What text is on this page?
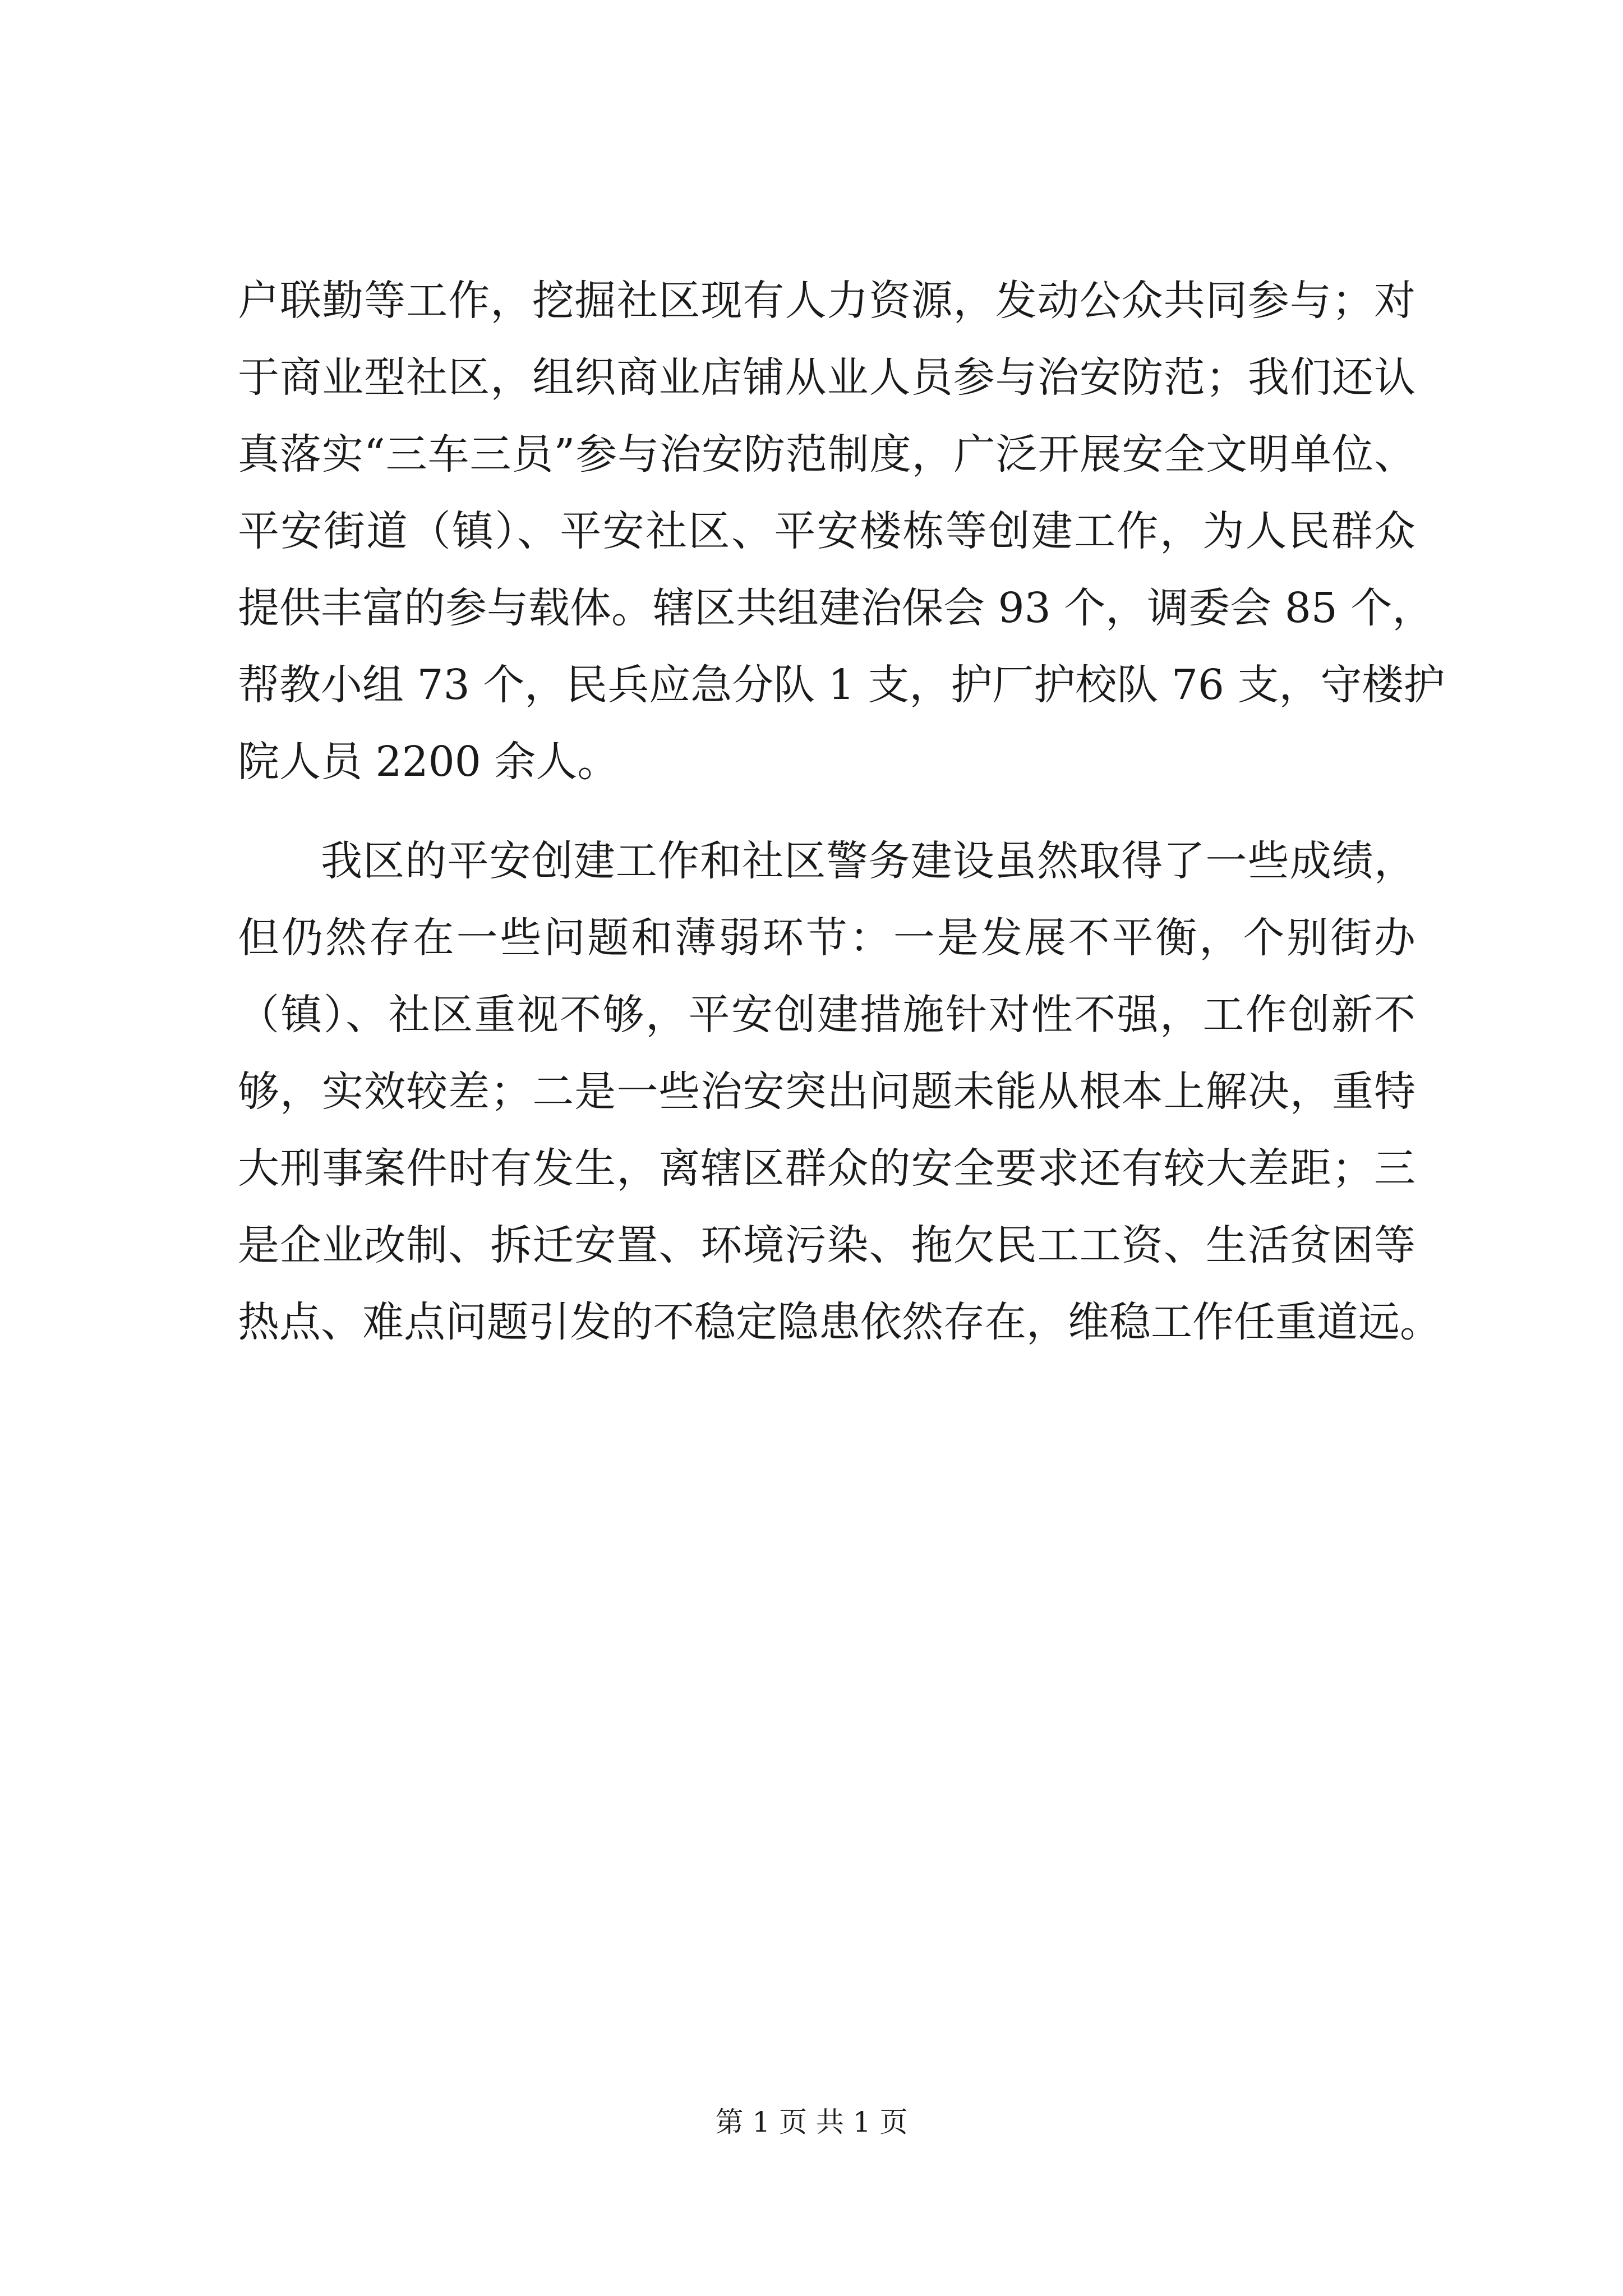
户联勤等工作，挖掘社区现有人力资源，发动公众共同参与；对
于商业型社区，组织商业店铺从业人员参与治安防范；我们还认
真落实“三车三员”参与治安防范制度，广泛开展安全文明单位、
平安街道（镇）、平安社区、平安楼栋等创建工作，为人民群众
提供丰富的参与载体。辖区共组建治保会 93 个，调委会 85 个，
帮教小组 73 个，民兵应急分队 1 支，护厂护校队 76 支，守楼护
院人员 2200 余人。
我区的平安创建工作和社区警务建设虽然取得了一些成绩，
但仍然存在一些问题和薄弱环节：一是发展不平衡，个别街办
（镇）、社区重视不够，平安创建措施针对性不强，工作创新不
够，实效较差；二是一些治安突出问题未能从根本上解决，重特
大刑事案件时有发生，离辖区群众的安全要求还有较大差距；三
是企业改制、拆迁安置、环境污染、拖欠民工工资、生活贫困等
热点、难点问题引发的不稳定隐患依然存在，维稳工作任重道远。
第 1 页 共 1 页
